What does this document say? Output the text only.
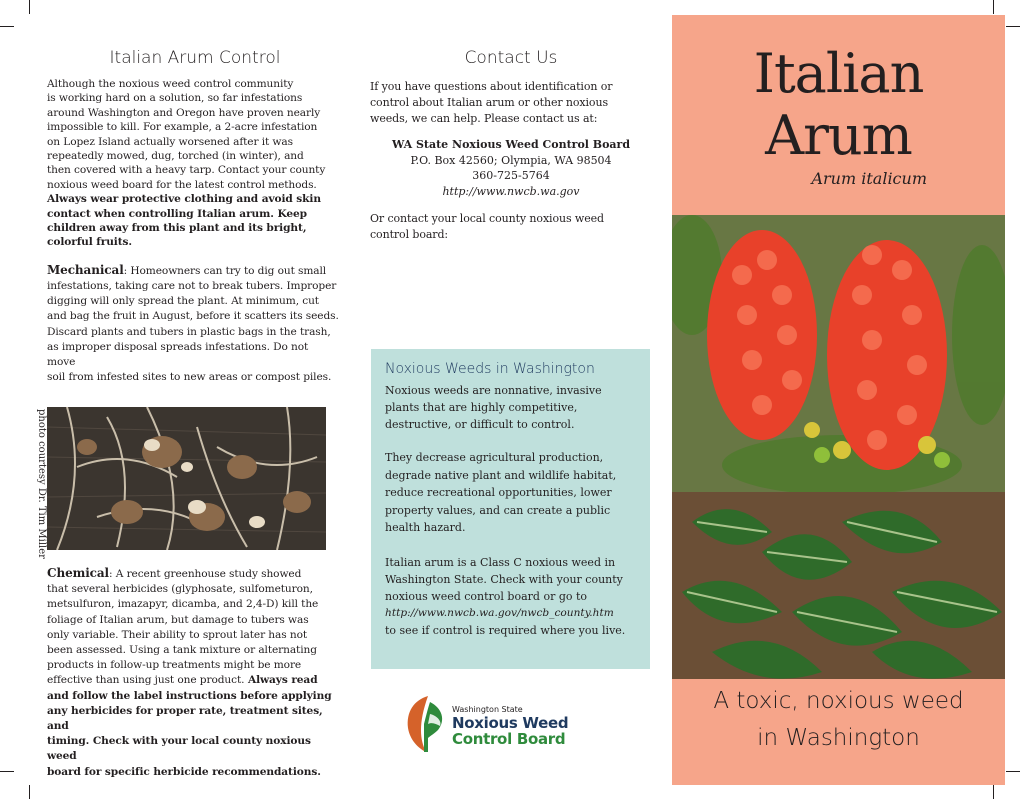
Italian Arum Control
Although the noxious weed control community
is working hard on a solution, so far infestations
around Washington and Oregon have proven nearly
impossible to kill. For example, a 2-acre infestation
on Lopez Island actually worsened after it was
repeatedly mowed, dug, torched (in winter), and
then covered with a heavy tarp. Contact your county
noxious weed board for the latest control methods.
Always wear protective clothing and avoid skin
contact when controlling Italian arum. Keep
children away from this plant and its bright,
colorful fruits.
Mechanical: Homeowners can try to dig out small
infestations, taking care not to break tubers. Improper
digging will only spread the plant. At minimum, cut
and bag the fruit in August, before it scatters its seeds.
Discard plants and tubers in plastic bags in the trash,
as improper disposal spreads infestations. Do not move
soil from infested sites to new areas or compost piles.
photo courtesy Dr. Tim Miller
Chemical: A recent greenhouse study showed
that several herbicides (glyphosate, sulfometuron,
metsulfuron, imazapyr, dicamba, and 2,4-D) kill the
foliage of Italian arum, but damage to tubers was
only variable. Their ability to sprout later has not
been assessed. Using a tank mixture or alternating
products in follow-up treatments might be more
effective than using just one product. Always read
and follow the label instructions before applying
any herbicides for proper rate, treatment sites, and
timing. Check with your local county noxious weed
board for specific herbicide recommendations.
Contact Us
If you have questions about identification or
control about Italian arum or other noxious
weeds, we can help. Please contact us at:
WA State Noxious Weed Control Board
P.O. Box 42560; Olympia, WA 98504
360-725-5764
http://www.nwcb.wa.gov
Or contact your local county noxious weed
control board:
Noxious Weeds in Washington
Noxious weeds are nonnative, invasive
plants that are highly competitive,
destructive, or difficult to control.
They decrease agricultural production,
degrade native plant and wildlife habitat,
reduce recreational opportunities, lower
property values, and can create a public
health hazard.
Italian arum is a Class C noxious weed in
Washington State. Check with your county
noxious weed control board or go to
http://www.nwcb.wa.gov/nwcb_county.htm
to see if control is required where you live.
Washington State
Noxious Weed
Control Board
Italian
Arum
Arum italicum
A toxic, noxious weed
in Washington
